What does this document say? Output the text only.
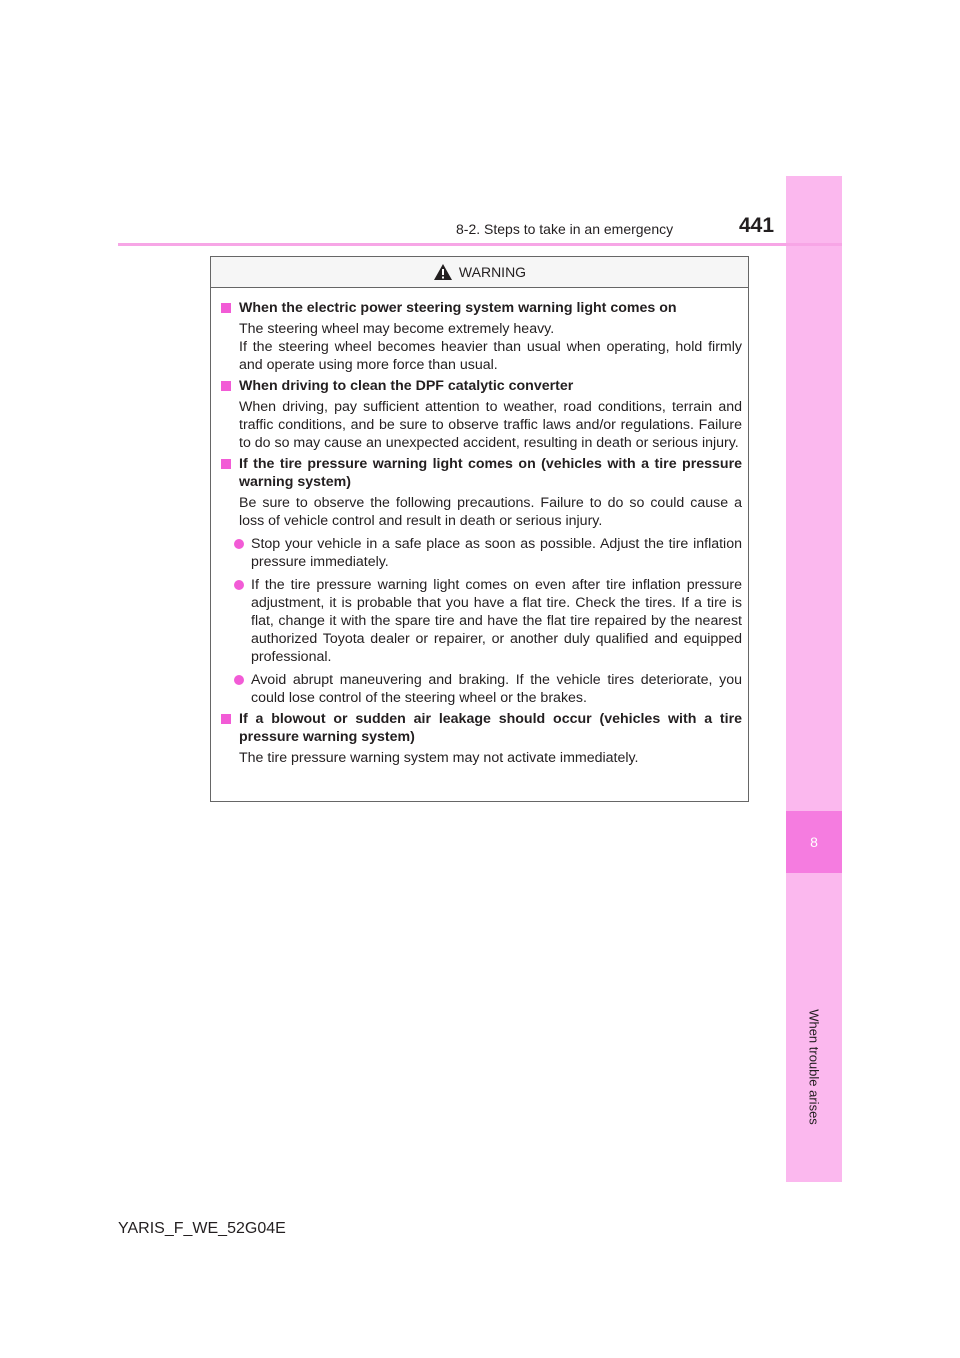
8
When trouble arises
8-2. Steps to take in an emergency	441
WARNING
When the electric power steering system warning light comes on
The steering wheel may become extremely heavy.
If the steering wheel becomes heavier than usual when operating, hold firmly and operate using more force than usual.
When driving to clean the DPF catalytic converter
When driving, pay sufficient attention to weather, road conditions, terrain and traffic conditions, and be sure to observe traffic laws and/or regulations. Failure to do so may cause an unexpected accident, resulting in death or serious injury.
If the tire pressure warning light comes on (vehicles with a tire pressure warning system)
Be sure to observe the following precautions. Failure to do so could cause a loss of vehicle control and result in death or serious injury.
Stop your vehicle in a safe place as soon as possible. Adjust the tire inflation pressure immediately.
If the tire pressure warning light comes on even after tire inflation pressure adjustment, it is probable that you have a flat tire. Check the tires. If a tire is flat, change it with the spare tire and have the flat tire repaired by the nearest authorized Toyota dealer or repairer, or another duly qualified and equipped professional.
Avoid abrupt maneuvering and braking. If the vehicle tires deteriorate, you could lose control of the steering wheel or the brakes.
If a blowout or sudden air leakage should occur (vehicles with a tire pressure warning system)
The tire pressure warning system may not activate immediately.
YARIS_F_WE_52G04E
